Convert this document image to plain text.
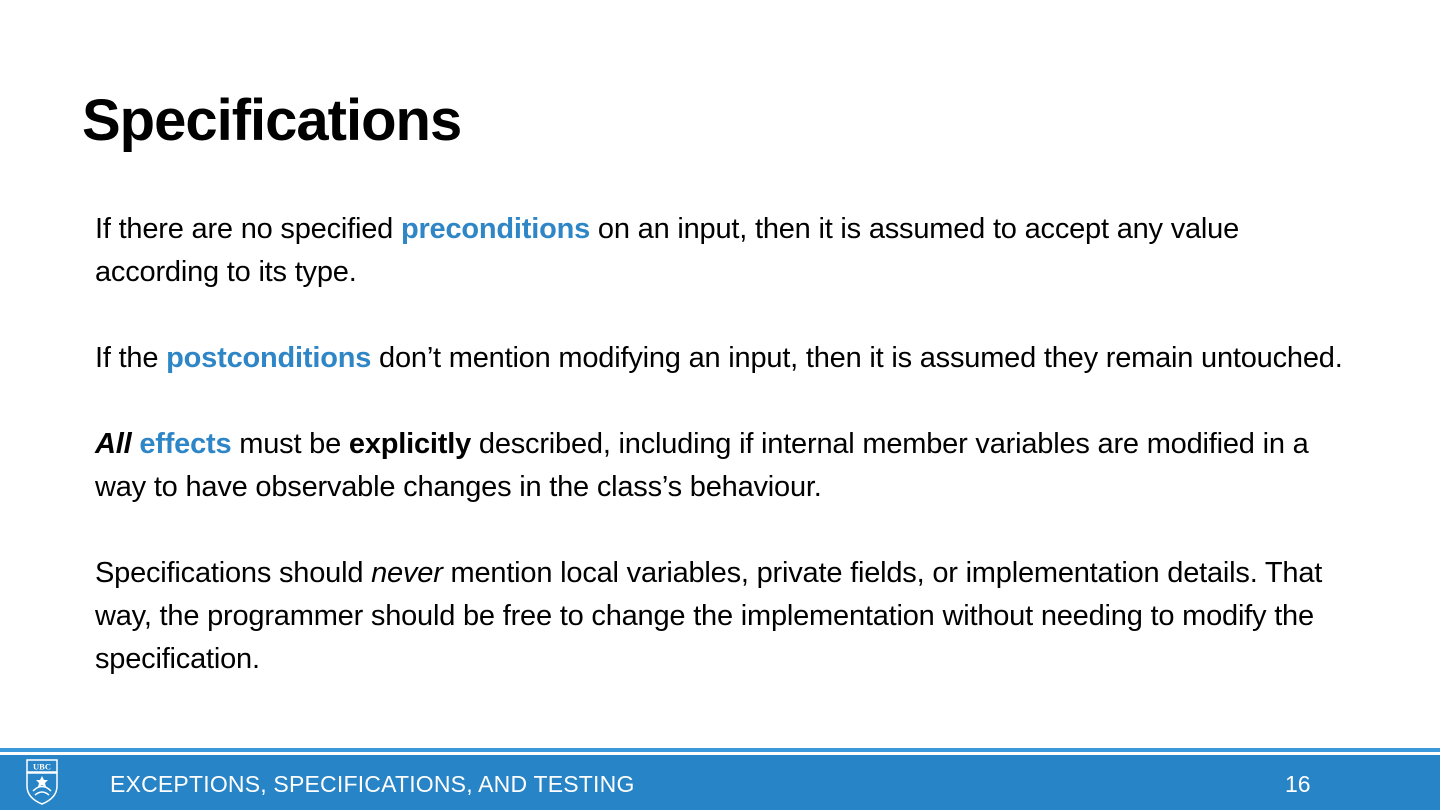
Specifications

If there are no specified preconditions on an input, then it is assumed to accept any value according to its type.

If the postconditions don’t mention modifying an input, then it is assumed they remain untouched.

All effects must be explicitly described, including if internal member variables are modified in a way to have observable changes in the class’s behaviour.

Specifications should never mention local variables, private fields, or implementation details. That way, the programmer should be free to change the implementation without needing to modify the specification.

UBC
EXCEPTIONS, SPECIFICATIONS, AND TESTING	16
